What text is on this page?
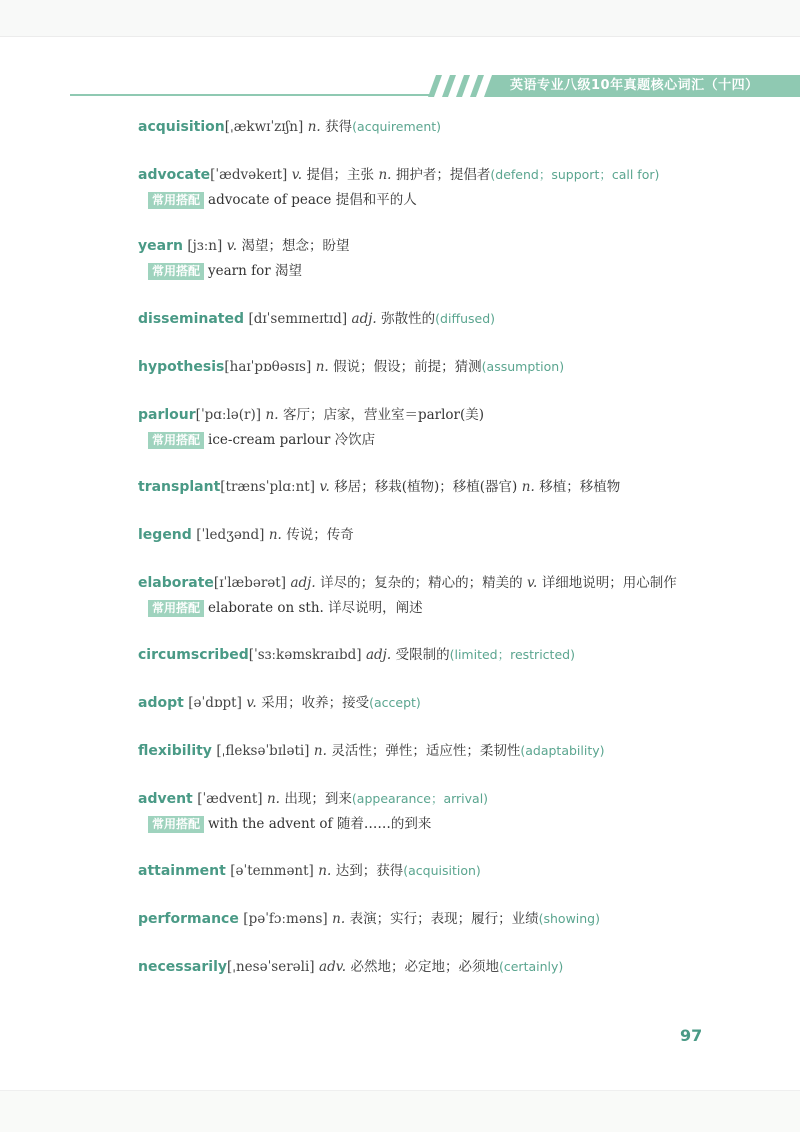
英语专业八级10年真题核心词汇（十四）
acquisition[ˌækwɪˈzɪʃn] n. 获得(acquirement)
advocate[ˈædvəkeɪt] v. 提倡；主张 n. 拥护者；提倡者(defend；support；call for)
常用搭配 advocate of peace 提倡和平的人
yearn [jɜːn] v. 渴望；想念；盼望
常用搭配 yearn for 渴望
disseminated [dɪˈsemɪneɪtɪd] adj. 弥散性的(diffused)
hypothesis[haɪˈpɒθəsɪs] n. 假说；假设；前提；猜测(assumption)
parlour[ˈpɑːlə(r)] n. 客厅；店家，营业室＝parlor(美)
常用搭配 ice-cream parlour 冷饮店
transplant[trænsˈplɑːnt] v. 移居；移栽(植物)；移植(器官) n. 移植；移植物
legend [ˈledʒənd] n. 传说；传奇
elaborate[ɪˈlæbərət] adj. 详尽的；复杂的；精心的；精美的 v. 详细地说明；用心制作
常用搭配 elaborate on sth. 详尽说明，阐述
circumscribed[ˈsɜːkəmskraɪbd] adj. 受限制的(limited；restricted)
adopt [əˈdɒpt] v. 采用；收养；接受(accept)
flexibility [ˌfleksəˈbɪləti] n. 灵活性；弹性；适应性；柔韧性(adaptability)
advent [ˈædvent] n. 出现；到来(appearance；arrival)
常用搭配 with the advent of 随着……的到来
attainment [əˈteɪnmənt] n. 达到；获得(acquisition)
performance [pəˈfɔːməns] n. 表演；实行；表现；履行；业绩(showing)
necessarily[ˌnesəˈserəli] adv. 必然地；必定地；必须地(certainly)
97
